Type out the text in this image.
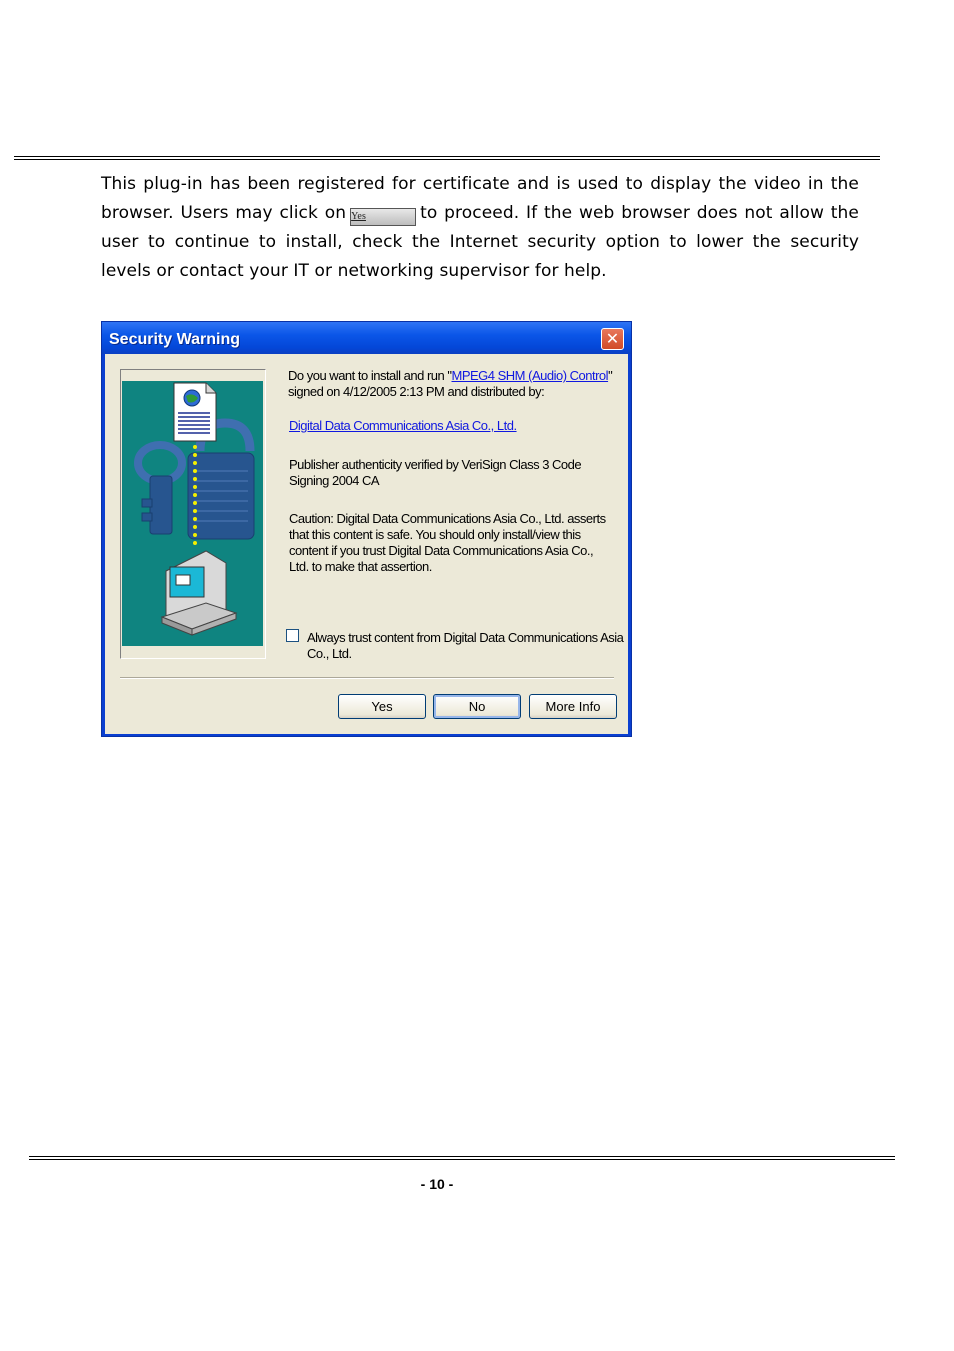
This plug-in has been registered for certificate and is used to display the video in the browser. Users may click on Yes	to proceed. If the web browser does not allow the user to continue to install, check the Internet security option to lower the security levels or contact your IT or networking supervisor for help.
Security Warning	✕
Do you want to install and run "MPEG4 SHM (Audio) Control" signed on 4/12/2005 2:13 PM and distributed by:
Digital Data Communications Asia Co., Ltd.
Publisher authenticity verified by VeriSign Class 3 Code Signing 2004 CA
Caution: Digital Data Communications Asia Co., Ltd. asserts that this content is safe. You should only install/view this content if you trust Digital Data Communications Asia Co., Ltd. to make that assertion.
Always trust content from Digital Data Communications Asia Co., Ltd.
Yes	No	More Info
- 10 -
